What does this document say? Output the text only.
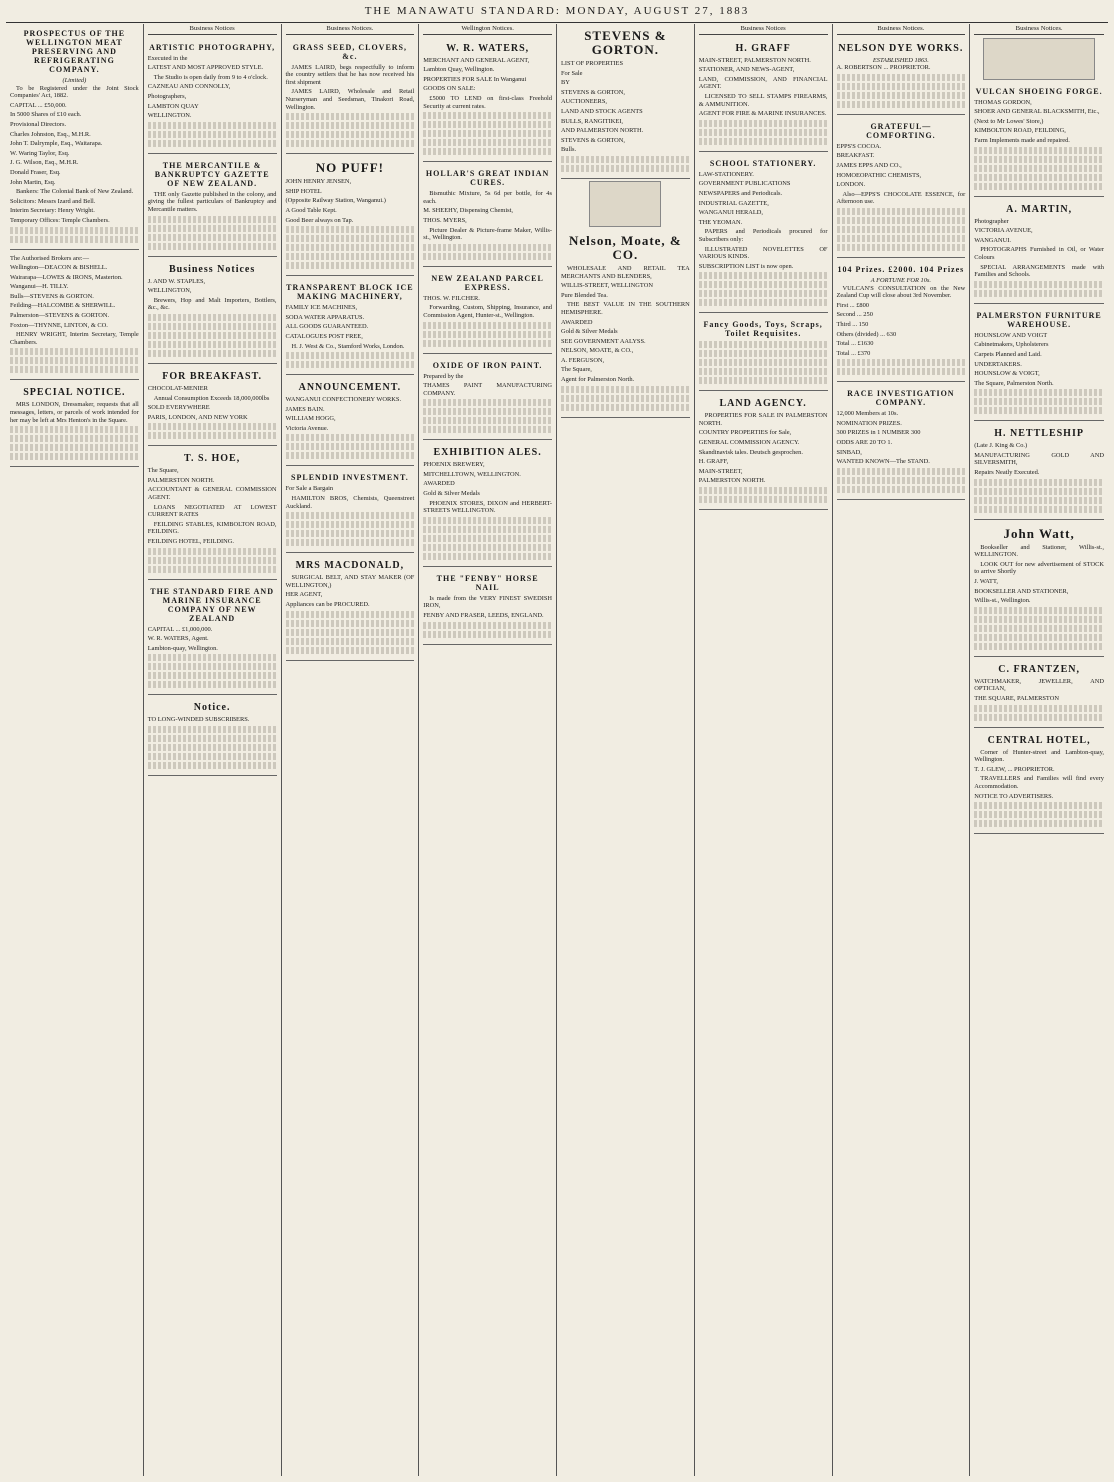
THE MANAWATU STANDARD: MONDAY, AUGUST 27, 1883
PROSPECTUS OF THE WELLINGTON MEAT PRESERVING AND REFRIGERATING COMPANY.
(Limited)

To be Registered under the Joint Stock Companies' Act, 1882.

CAPITAL ... £50,000.

In 5000 Shares of £10 each.

Provisional Directors.

Charles Johnston, Esq., M.H.R.

John T. Dalrymple, Esq., Waitarapa.

W. Waring Taylor, Esq.

J. G. Wilson, Esq., M.H.R.

Donald Fraser, Esq.

John Martin, Esq.

Bankers: The Colonial Bank of New Zealand.

Solicitors: Messrs Izard and Bell.

Interim Secretary: Henry Wright.

Temporary Offices: Temple Chambers.

The Authorised Brokers are:—

Wellington—DEACON & BISHELL.

Wairarapa—LOWES & IRONS, Masterton.

Wanganui—H. TILLY.

Bulls—STEVENS & GORTON.

Feilding—HALCOMBE & SHERWILL.

Palmerston—STEVENS & GORTON.

Foxton—THYNNE, LINTON, & CO.

HENRY WRIGHT, Interim Secretary, Temple Chambers.

SPECIAL NOTICE.

MRS LONDON, Dressmaker, requests that all messages, letters, or parcels of work intended for her may be left at Mrs Henton's in the Square.

Business Notices
ARTISTIC PHOTOGRAPHY,

Executed in the

LATEST AND MOST APPROVED STYLE.

The Studio is open daily from 9 to 4 o'clock.

CAZNEAU AND CONNOLLY,

Photographers,

LAMBTON QUAY

WELLINGTON.

THE MERCANTILE & BANKRUPTCY GAZETTE OF NEW ZEALAND.

THE only Gazette published in the colony, and giving the fullest particulars of Bankruptcy and Mercantile matters.

Business Notices

J. AND W. STAPLES,

WELLINGTON,

Brewers, Hop and Malt Importers, Bottlers, &c., &c.

FOR BREAKFAST.

CHOCOLAT-MENIER

Annual Consumption Exceeds 18,000,000lbs

SOLD EVERYWHERE

PARIS, LONDON, AND NEW YORK

T. S. HOE,

The Square,

PALMERSTON NORTH.

ACCOUNTANT & GENERAL COMMISSION AGENT.

LOANS NEGOTIATED AT LOWEST CURRENT RATES

FEILDING STABLES, KIMBOLTON ROAD, FEILDING.

FEILDING HOTEL, FEILDING.

THE STANDARD FIRE AND MARINE INSURANCE COMPANY OF NEW ZEALAND

CAPITAL ... £1,000,000.

W. R. WATERS, Agent.

Lambton-quay, Wellington.

Notice.

TO LONG-WINDED SUBSCRIBERS.

Business Notices.
GRASS SEED, CLOVERS, &c.

JAMES LAIRD, begs respectfully to inform the country settlers that he has now received his first shipment

JAMES LAIRD, Wholesale and Retail Nurseryman and Seedsman, Tinakori Road, Wellington.

NO PUFF!

JOHN HENRY JENSEN,

SHIP HOTEL

(Opposite Railway Station, Wanganui.)

A Good Table Kept.

Good Beer always on Tap.

TRANSPARENT BLOCK ICE MAKING MACHINERY,

FAMILY ICE MACHINES,

SODA WATER APPARATUS.

ALL GOODS GUARANTEED.

CATALOGUES POST FREE,

H. J. West & Co., Stamford Works, London.

ANNOUNCEMENT.

WANGANUI CONFECTIONERY WORKS.

JAMES BAIN.

WILLIAM HOGG,

Victoria Avenue.

SPLENDID INVESTMENT.

For Sale a Bargain

HAMILTON BROS, Chemists, Queenstreet Auckland.

MRS MACDONALD,

SURGICAL BELT, AND STAY MAKER (OF WELLINGTON,)

HER AGENT,

Appliances can be PROCURED.

Wellington Notices.
W. R. WATERS,

MERCHANT AND GENERAL AGENT,

Lambton Quay, Wellington.

PROPERTIES FOR SALE In Wanganui

GOODS ON SALE:

£5000 TO LEND on first-class Freehold Security at current rates.

HOLLAR'S GREAT INDIAN CURES.

Bismuthic Mixture, 5s 6d per bottle, for 4s each.

M. SHEEHY, Dispensing Chemist,

THOS. MYERS,

Picture Dealer & Picture-frame Maker, Willis-st., Wellington.

NEW ZEALAND PARCEL EXPRESS.

THOS. W. FILCHER.

Forwarding, Custom, Shipping, Insurance, and Commission Agent, Hunter-st., Wellington.

OXIDE OF IRON PAINT.

Prepared by the

THAMES PAINT MANUFACTURING COMPANY.

EXHIBITION ALES.

PHOENIX BREWERY,

MITCHELLTOWN, WELLINGTON.

AWARDED

Gold & Silver Medals

PHOENIX STORES, DIXON and HERBERT-STREETS WELLINGTON.

THE "FENBY" HORSE NAIL

Is made from the VERY FINEST SWEDISH IRON,

FENBY AND FRASER, LEEDS, ENGLAND.

STEVENS & GORTON.

LIST OF PROPERTIES

For Sale

BY

STEVENS & GORTON,

AUCTIONEERS,

LAND AND STOCK AGENTS

BULLS, RANGITIKEI,

AND PALMERSTON NORTH.

STEVENS & GORTON,

Bulls.

Nelson, Moate, & CO.

WHOLESALE AND RETAIL TEA MERCHANTS AND BLENDERS,

WILLIS-STREET, WELLINGTON

Pure Blended Tea.

THE BEST VALUE IN THE SOUTHERN HEMISPHERE.

AWARDED

Gold & Silver Medals

SEE GOVERNMENT AALYSS.

NELSON, MOATE, & CO.,

A. FERGUSON,

The Square,

Agent for Palmerston North.

Business Notices
H. GRAFF

MAIN-STREET, PALMERSTON NORTH.

STATIONER, AND NEWS-AGENT,

LAND, COMMISSION, AND FINANCIAL AGENT.

LICENSED TO SELL STAMPS FIREARMS, & AMMUNITION.

AGENT FOR FIRE & MARINE INSURANCES.

SCHOOL STATIONERY.

LAW-STATIONERY.

GOVERNMENT PUBLICATIONS

NEWSPAPERS and Periodicals.

INDUSTRIAL GAZETTE,

WANGANUI HERALD,

THE YEOMAN.

PAPERS and Periodicals procured for Subscribers only:

ILLUSTRATED NOVELETTES OF VARIOUS KINDS.

SUBSCRIPTION LIST is now open.

Fancy Goods, Toys, Scraps, Toilet Requisites.
LAND AGENCY.

PROPERTIES FOR SALE IN PALMERSTON NORTH.

COUNTRY PROPERTIES for Sale,

GENERAL COMMISSION AGENCY.

Skandinavisk tales. Deutsch gesprochen.

H. GRAFF,

MAIN-STREET,

PALMERSTON NORTH.

Business Notices.
NELSON DYE WORKS.
ESTABLISHED 1863.

A. ROBERTSON ... PROPRIETOR.

GRATEFUL—COMFORTING.

EPPS'S COCOA.

BREAKFAST.

JAMES EPPS AND CO.,

HOMOEOPATHIC CHEMISTS,

LONDON.

Also—EPPS'S CHOCOLATE ESSENCE, for Afternoon use.

104 Prizes. £2000. 104 Prizes
A FORTUNE FOR 10s.

VULCAN'S CONSULTATION on the New Zealand Cup will close about 3rd November.

First ... £800

Second ... 250

Third ... 150

Others (divided) ... 630

Total ... £1630

Total ... £370

RACE INVESTIGATION COMPANY.

12,000 Members at 10s.

NOMINATION PRIZES.

300 PRIZES in 1 NUMBER 300

ODDS ARE 20 TO 1.

SINBAD,

WANTED KNOWN—The STAND.

Business Notices.
VULCAN SHOEING FORGE.

THOMAS GORDON,

SHOER AND GENERAL BLACKSMITH, Etc.,

(Next to Mr Lowes' Store,)

KIMBOLTON ROAD, FEILDING,

Farm Implements made and repaired.

A. MARTIN,

Photographer

VICTORIA AVENUE,

WANGANUI.

PHOTOGRAPHS Furnished in Oil, or Water Colours

SPECIAL ARRANGEMENTS made with Families and Schools.

PALMERSTON FURNITURE WAREHOUSE.

HOUNSLOW AND VOIGT

Cabinetmakers, Upholsterers

Carpets Planned and Laid.

UNDERTAKERS.

HOUNSLOW & VOIGT,

The Square, Palmerston North.

H. NETTLESHIP

(Late J. King & Co.)

MANUFACTURING GOLD AND SILVERSMITH,

Repairs Neatly Executed.

John Watt,

Bookseller and Stationer, Willis-st., WELLINGTON.

LOOK OUT for new advertisement of STOCK to arrive Shortly

J. WATT,

BOOKSELLER AND STATIONER,

Willis-st., Wellington.

C. FRANTZEN,

WATCHMAKER, JEWELLER, AND OPTICIAN,

THE SQUARE, PALMERSTON

CENTRAL HOTEL,

Corner of Hunter-street and Lambton-quay, Wellington.

T. J. GLEW, ... PROPRIETOR.

TRAVELLERS and Families will find every Accommodation.

NOTICE TO ADVERTISERS.
